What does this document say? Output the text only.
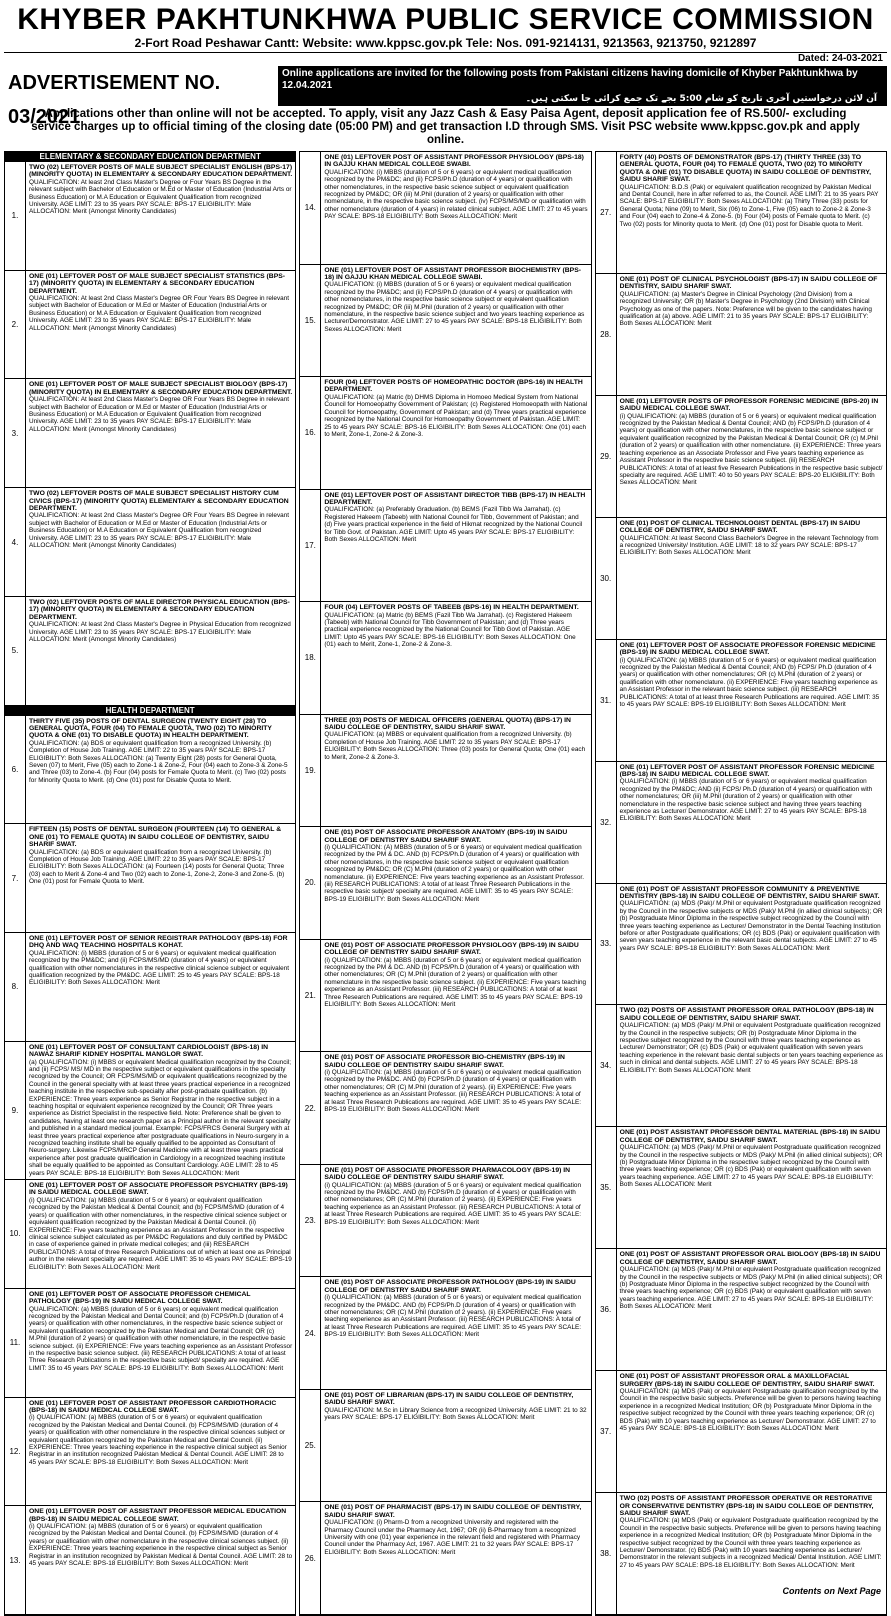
KHYBER PAKHTUNKHWA PUBLIC SERVICE COMMISSION
2-Fort Road Peshawar Cantt: Website: www.kppsc.gov.pk Tele: Nos. 091-9214131, 9213563, 9213750, 9212897
Dated: 24-03-2021
ADVERTISEMENT NO. 03/2021
Online applications are invited for the following posts from Pakistani citizens having domicile of Khyber Pakhtunkhwa by 12.04.2021
آن لائن درخواستیں آخری تاریخ کو شام 5:00 بجے تک جمع کرائی جا سکتی ہیں۔
Applications other than online will not be accepted. To apply, visit any Jazz Cash & Easy Paisa Agent, deposit application fee of RS.500/- excluding service charges up to official timing of the closing date (05:00 PM) and get transaction I.D through SMS. Visit PSC website www.kppsc.gov.pk and apply online.
ELEMENTARY & SECONDARY EDUCATION DEPARTMENT
1.
TWO (02) LEFTOVER POSTS OF MALE SUBJECT SPECIALIST ENGLISH (BPS-17) (MINORITY QUOTA) IN ELEMENTARY & SECONDARY EDUCATION DEPARTMENT.
QUALIFICATION: At least 2nd Class Master's Degree or Four Years BS Degree in the relevant subject with Bachelor of Education or M.Ed or Master of Education (Industrial Arts or Business Education) or M.A Education or Equivalent Qualification from recognized University. AGE LIMIT: 23 to 35 years PAY SCALE: BPS-17 ELIGIBILITY: Male ALLOCATION: Merit (Amongst Minority Candidates)
2.
ONE (01) LEFTOVER POST OF MALE SUBJECT SPECIALIST STATISTICS (BPS-17) (MINORITY QUOTA) IN ELEMENTARY & SECONDARY EDUCATION DEPARTMENT.
QUALIFICATION: At least 2nd Class Master's Degree OR Four Years BS Degree in relevant subject with Bachelor of Education or M.Ed or Master of Education (Industrial Arts or Business Education) or M.A Education or Equivalent Qualification from recognized University. AGE LIMIT: 23 to 35 years PAY SCALE: BPS-17 ELIGIBILITY: Male ALLOCATION: Merit (Amongst Minority Candidates)
3.
ONE (01) LEFTOVER POST OF MALE SUBJECT SPECIALIST BIOLOGY (BPS-17) (MINORITY QUOTA) IN ELEMENTARY & SECONDARY EDUCATION DEPARTMENT.
QUALIFICATION: At least 2nd Class Master's Degree OR Four Years BS Degree in relevant subject with Bachelor of Education or M.Ed or Master of Education (Industrial Arts or Business Education) or M.A Education or Equivalent Qualification from recognized University. AGE LIMIT: 23 to 35 years PAY SCALE: BPS-17 ELIGIBILITY: Male ALLOCATION: Merit (Amongst Minority Candidates)
4.
TWO (02) LEFTOVER POSTS OF MALE SUBJECT SPECIALIST HISTORY CUM CIVICS (BPS-17) (MINORITY QUOTA) ELEMENTARY & SECONDARY EDUCATION DEPARTMENT.
QUALIFICATION: At least 2nd Class Master's Degree OR Four Years BS Degree in relevant subject with Bachelor of Education or M.Ed or Master of Education (Industrial Arts or Business Education) or M.A Education or Equivalent Qualification from recognized University. AGE LIMIT: 23 to 35 years PAY SCALE: BPS-17 ELIGIBILITY: Male ALLOCATION: Merit (Amongst Minority Candidates)
5.
TWO (02) LEFTOVER POSTS OF MALE DIRECTOR PHYSICAL EDUCATION (BPS-17) (MINORITY QUOTA) IN ELEMENTARY & SECONDARY EDUCATION DEPARTMENT.
QUALIFICATION: At least 2nd Class Master's Degree in Physical Education from recognized University. AGE LIMIT: 23 to 35 years PAY SCALE: BPS-17 ELIGIBILITY: Male ALLOCATION: Merit (Amongst Minority Candidates)
HEALTH DEPARTMENT
6.
THIRTY FIVE (35) POSTS OF DENTAL SURGEON (TWENTY EIGHT (28) TO GENERAL QUOTA, FOUR (04) TO FEMALE QUOTA, TWO (02) TO MINORITY QUOTA & ONE (01) TO DISABLE QUOTA) IN HEALTH DEPARTMENT.
QUALIFICATION: (a) BDS or equivalent qualification from a recognized University. (b) Completion of House Job Training. AGE LIMIT: 22 to 35 years PAY SCALE: BPS-17 ELIGIBILITY: Both Sexes ALLOCATION: (a) Twenty Eight (28) posts for General Quota, Seven (07) to Merit, Five (05) each to Zone-1 & Zone-2, Four (04) each to Zone-3 & Zone-5 and Three (03) to Zone-4. (b) Four (04) posts for Female Quota to Merit. (c) Two (02) posts for Minority Quota to Merit. (d) One (01) post for Disable Quota to Merit.
7.
FIFTEEN (15) POSTS OF DENTAL SURGEON (FOURTEEN (14) TO GENERAL & ONE (01) TO FEMALE QUOTA) IN SAIDU COLLEGE OF DENTISTRY, SAIDU SHARIF SWAT.
QUALIFICATION: (a) BDS or equivalent qualification from a recognized University. (b) Completion of House Job Training. AGE LIMIT: 22 to 35 years PAY SCALE: BPS-17 ELIGIBILITY: Both Sexes ALLOCATION: (a) Fourteen (14) posts for General Quota; Three (03) each to Merit & Zone-4 and Two (02) each to Zone-1, Zone-2, Zone-3 and Zone-5. (b) One (01) post for Female Quota to Merit.
8.
ONE (01) LEFTOVER POST OF SENIOR REGISTRAR PATHOLOGY (BPS-18) FOR DHQ AND WAQ TEACHING HOSPITALS KOHAT.
QUALIFICATION: (i) MBBS (duration of 5 or 6 years) or equivalent medical qualification recognized by the PM&DC; and (ii) FCPS/MS/MD (duration of 4 years) or equivalent qualification with other nomenclatures in the respective clinical science subject or equivalent qualification recognized by the PM&DC. AGE LIMIT: 25 to 45 years PAY SCALE: BPS-18 ELIGIBILITY: Both Sexes ALLOCATION: Merit
9.
ONE (01) LEFTOVER POST OF CONSULTANT CARDIOLOGIST (BPS-18) IN NAWAZ SHARIF KIDNEY HOSPITAL MANGLOR SWAT.
(a) QUALIFICATION: (i) MBBS or equivalent Medical qualification recognized by the Council; and (ii) FCPS/ MS/ MD in the respective subject or equivalent qualifications in the specialty recognized by the Council; OR FCPS/MS/MD or equivalent qualifications recognized by the Council in the general specialty with at least three years practical experience in a recognized teaching institute in the respective sub-specialty after post-graduate qualification. (b) EXPERIENCE: Three years experience as Senior Registrar in the respective subject in a teaching hospital or equivalent experience recognized by the Council; OR Three years experience as District Specialist in the respective field. Note: Preference shall be given to candidates, having at least one research paper as a Principal author in the relevant specialty and published in a standard medical journal. Example: FCPS/FRCS General Surgery with at least three years practical experience after postgraduate qualifications in Neuro-surgery in a recognized teaching institute shall be equally qualified to be appointed as Consultant of Neuro-surgery. Likewise FCPS/MRCP General Medicine with at least three years practical experience after post graduate qualification in Cardiology in a recognized teaching institute shall be equally qualified to be appointed as Consultant Cardiology. AGE LIMIT: 28 to 45 years PAY SCALE: BPS-18 ELIGIBILITY: Both Sexes ALLOCATION: Merit
10.
ONE (01) LEFTOVER POST OF ASSOCIATE PROFESSOR PSYCHIATRY (BPS-19) IN SAIDU MEDICAL COLLEGE SWAT.
(i) QUALIFICATION: (a) MBBS (duration of 5 or 6 years) or equivalent qualification recognized by the Pakistan Medical & Dental Council; and (b) FCPS/MS/MD (duration of 4 years) or qualification with other nomenclatures, in the respective clinical science subject or equivalent qualification recognized by the Pakistan Medical & Dental Council. (ii) EXPERIENCE: Five years teaching experience as an Assistant Professor in the respective clinical science subject calculated as per PM&DC Regulations and duly certified by PM&DC in case of experience gained in private medical colleges; and (iii) RESEARCH PUBLICATIONS: A total of three Research Publications out of which at least one as Principal author in the relevant specialty are required. AGE LIMIT: 35 to 45 years PAY SCALE: BPS-19 ELIGIBILITY: Both Sexes ALLOCATION: Merit
11.
ONE (01) LEFTOVER POST OF ASSOCIATE PROFESSOR CHEMICAL PATHOLOGY (BPS-19) IN SAIDU MEDICAL COLLEGE SWAT.
QUALIFICATION: (a) MBBS (duration of 5 or 6 years) or equivalent medical qualification recognized by the Pakistan Medical and Dental Council; and (b) FCPS/Ph.D (duration of 4 years) or qualification with other nomenclatures, in the respective basic science subject or equivalent qualification recognized by the Pakistan Medical and Dental Council; OR (c) M.Phil (duration of 2 years) or qualification with other nomenclature, in the respective basic science subject. (ii) EXPERIENCE: Five years teaching experience as an Assistant Professor in the respective basic science subject. (iii) RESEARCH PUBLICATIONS: A total of at least Three Research Publications in the respective basic subject/ specialty are required. AGE LIMIT: 35 to 45 years PAY SCALE: BPS-19 ELIGIBILITY: Both Sexes ALLOCATION: Merit
12.
ONE (01) LEFTOVER POST OF ASSISTANT PROFESSOR CARDIOTHORACIC (BPS-18) IN SAIDU MEDICAL COLLEGE SWAT.
(i) QUALIFICATION: (a) MBBS (duration of 5 or 6 years) or equivalent qualification recognized by the Pakistan Medical and Dental Council. (b) FCPS/MS/MD (duration of 4 years) or qualification with other nomenclature in the respective clinical sciences subject or equivalent qualification recognized by the Pakistan Medical and Dental Council. (ii) EXPERIENCE: Three years teaching experience in the respective clinical subject as Senior Registrar in an institution recognized Pakistan Medical & Dental Council. AGE LIMIT: 28 to 45 years PAY SCALE: BPS-18 ELIGIBILITY: Both Sexes ALLOCATION: Merit
13.
ONE (01) LEFTOVER POST OF ASSISTANT PROFESSOR MEDICAL EDUCATION (BPS-18) IN SAIDU MEDICAL COLLEGE SWAT.
(i) QUALIFICATION: (a) MBBS (duration of 5 or 6 years) or equivalent qualification recognized by the Pakistan Medical and Dental Council. (b) FCPS/MS/MD (duration of 4 years) or qualification with other nomenclature in the respective clinical sciences subject. (ii) EXPERIENCE: Three years teaching experience in the respective clinical subject as Senior Registrar in an institution recognized by Pakistan Medical & Dental Council. AGE LIMIT: 28 to 45 years PAY SCALE: BPS-18 ELIGIBILITY: Both Sexes ALLOCATION: Merit
14.
ONE (01) LEFTOVER POST OF ASSISTANT PROFESSOR PHYSIOLOGY (BPS-18) IN GAJJU KHAN MEDICAL COLLEGE SWABI.
QUALIFICATION: (i) MBBS (duration of 5 or 6 years) or equivalent medical qualification recognized by the PM&DC; and (ii) FCPS/Ph.D (duration of 4 years) or qualification with other nomenclatures, in the respective basic science subject or equivalent qualification recognized by PM&DC; OR (iii) M.Phil (duration of 2 years) or qualification with other nomenclature, in the respective basic science subject. (iv) FCPS/MS/MD or qualification with other nomenclature (duration of 4 years) in related clinical subject. AGE LIMIT: 27 to 45 years PAY SCALE: BPS-18 ELIGIBILITY: Both Sexes ALLOCATION: Merit
15.
ONE (01) LEFTOVER POST OF ASSISTANT PROFESSOR BIOCHEMISTRY (BPS-18) IN GAJJU KHAN MEDICAL COLLEGE SWABI.
QUALIFICATION: (i) MBBS (duration of 5 or 6 years) or equivalent medical qualification recognized by the PM&DC; and (ii) FCPS/Ph.D (duration of 4 years) or qualification with other nomenclatures, in the respective basic science subject or equivalent qualification recognized by PM&DC; OR (iii) M.Phil (duration of 2 years) or qualification with other nomenclature, in the respective basic science subject and two years teaching experience as Lecturer/Demonstrator. AGE LIMIT: 27 to 45 years PAY SCALE: BPS-18 ELIGIBILITY: Both Sexes ALLOCATION: Merit
16.
FOUR (04) LEFTOVER POSTS OF HOMEOPATHIC DOCTOR (BPS-16) IN HEALTH DEPARTMENT.
QUALIFICATION: (a) Matric (b) DHMS Diploma in Homoeo Medical System from National Council for Homoeopathy Government of Pakistan; (c) Registered Homoeopath with National Council for Homoeopathy, Government of Pakistan; and (d) Three years practical experience recognized by the National Council for Homoeopathy Government of Pakistan. AGE LIMIT: 25 to 45 years PAY SCALE: BPS-16 ELIGIBILITY: Both Sexes ALLOCATION: One (01) each to Merit, Zone-1, Zone-2 & Zone-3.
17.
ONE (01) LEFTOVER POST OF ASSISTANT DIRECTOR TIBB (BPS-17) IN HEALTH DEPARTMENT.
QUALIFICATION: (a) Preferably Graduation. (b) BEMS (Fazil Tibb Wa Jarrahat). (c) Registered Hakeem (Tabeeb) with National Council for Tibb, Government of Pakistan; and (d) Five years practical experience in the field of Hikmat recognized by the National Council for Tibb Govt. of Pakistan. AGE LIMIT: Upto 45 years PAY SCALE: BPS-17 ELIGIBILITY: Both Sexes ALLOCATION: Merit
18.
FOUR (04) LEFTOVER POSTS OF TABEEB (BPS-16) IN HEALTH DEPARTMENT.
QUALIFICATION: (a) Matric (b) BEMS (Fazil Tibb Wa Jarrahat). (c) Registered Hakeem (Tabeeb) with National Council for Tibb Government of Pakistan; and (d) Three years practical experience recognized by the National Council for Tibb Govt of Pakistan. AGE LIMIT: Upto 45 years PAY SCALE: BPS-16 ELIGIBILITY: Both Sexes ALLOCATION: One (01) each to Merit, Zone-1, Zone-2 & Zone-3.
19.
THREE (03) POSTS OF MEDICAL OFFICERS (GENERAL QUOTA) (BPS-17) IN SAIDU COLLEGE OF DENTISTRY, SAIDU SHARIF SWAT.
QUALIFICATION: (a) MBBS or equivalent qualification from a recognized University. (b) Completion of House Job Training. AGE LIMIT: 22 to 35 years PAY SCALE: BPS-17 ELIGIBILITY: Both Sexes ALLOCATION: Three (03) posts for General Quota; One (01) each to Merit, Zone-2 & Zone-3.
20.
ONE (01) POST OF ASSOCIATE PROFESSOR ANATOMY (BPS-19) IN SAIDU COLLEGE OF DENTISTRY SAIDU SHARIF SWAT.
(i) QUALIFICATION: (A) MBBS (duration of 5 or 6 years) or equivalent medical qualification recognized by the PM & DC. AND (b) FCPS/Ph.D (duration of 4 years) or qualification with other nomenclatures, in the respective basic science subject or equivalent qualification recognized by PM&DC; OR (C) M.Phil (duration of 2 years) or qualification with other nomenclature. (ii) EXPERIENCE: Five years teaching experience as an Assistant Professor. (iii) RESEARCH PUBLICATIONS: A total of at least Three Research Publications in the respective basic subject/ specialty are required. AGE LIMIT: 35 to 45 years PAY SCALE: BPS-19 ELIGIBILITY: Both Sexes ALLOCATION: Merit
21.
ONE (01) POST OF ASSOCIATE PROFESSOR PHYSIOLOGY (BPS-19) IN SAIDU COLLEGE OF DENTISTRY SAIDU SHARIF SWAT.
(i) QUALIFICATION: (a) MBBS (duration of 5 or 6 years) or equivalent medical qualification recognized by the PM & DC. AND (b) FCPS/Ph.D (duration of 4 years) or qualification with other nomenclatures; OR (C) M.Phil (duration of 2 years) or qualification with other nomenclature in the respective basic science subject. (ii) EXPERIENCE: Five years teaching experience as an Assistant Professor. (iii) RESEARCH PUBLICATIONS: A total of at least Three Research Publications are required. AGE LIMIT: 35 to 45 years PAY SCALE: BPS-19 ELIGIBILITY: Both Sexes ALLOCATION: Merit
22.
ONE (01) POST OF ASSOCIATE PROFESSOR BIO-CHEMISTRY (BPS-19) IN SAIDU COLLEGE OF DENTISTRY SAIDU SHARIF SWAT.
(i) QUALIFICATION: (a) MBBS (duration of 5 or 6 years) or equivalent medical qualification recognized by the PM&DC. AND (b) FCPS/Ph.D (duration of 4 years) or qualification with other nomenclatures; OR (C) M.Phil (duration of 2 years). (ii) EXPERIENCE: Five years teaching experience as an Assistant Professor. (iii) RESEARCH PUBLICATIONS: A total of at least Three Research Publications are required. AGE LIMIT: 35 to 45 years PAY SCALE: BPS-19 ELIGIBILITY: Both Sexes ALLOCATION: Merit
23.
ONE (01) POST OF ASSOCIATE PROFESSOR PHARMACOLOGY (BPS-19) IN SAIDU COLLEGE OF DENTISTRY SAIDU SHARIF SWAT.
(i) QUALIFICATION: (a) MBBS (duration of 5 or 6 years) or equivalent medical qualification recognized by the PM&DC. AND (b) FCPS/Ph.D (duration of 4 years) or qualification with other nomenclatures; OR (C) M.Phil (duration of 2 years). (ii) EXPERIENCE: Five years teaching experience as an Assistant Professor. (iii) RESEARCH PUBLICATIONS: A total of at least Three Research Publications are required. AGE LIMIT: 35 to 45 years PAY SCALE: BPS-19 ELIGIBILITY: Both Sexes ALLOCATION: Merit
24.
ONE (01) POST OF ASSOCIATE PROFESSOR PATHOLOGY (BPS-19) IN SAIDU COLLEGE OF DENTISTRY SAIDU SHARIF SWAT.
(i) QUALIFICATION: (a) MBBS (duration of 5 or 6 years) or equivalent medical qualification recognized by the PM&DC. AND (b) FCPS/Ph.D (duration of 4 years) or qualification with other nomenclatures; OR (C) M.Phil (duration of 2 years). (ii) EXPERIENCE: Five years teaching experience as an Assistant Professor. (iii) RESEARCH PUBLICATIONS: A total of at least Three Research Publications are required. AGE LIMIT: 35 to 45 years PAY SCALE: BPS-19 ELIGIBILITY: Both Sexes ALLOCATION: Merit
25.
ONE (01) POST OF LIBRARIAN (BPS-17) IN SAIDU COLLEGE OF DENTISTRY, SAIDU SHARIF SWAT.
QUALIFICATION: M.Sc in Library Science from a recognized University. AGE LIMIT: 21 to 32 years PAY SCALE: BPS-17 ELIGIBILITY: Both Sexes ALLOCATION: Merit
26.
ONE (01) POST OF PHARMACIST (BPS-17) IN SAIDU COLLEGE OF DENTISTRY, SAIDU SHARIF SWAT.
QUALIFICATION: (i) Pharm-D from a recognized University and registered with the Pharmacy Council under the Pharmacy Act, 1967; OR (ii) B-Pharmacy from a recognized University with one (01) year experience in the relevant field and registered with Pharmacy Council under the Pharmacy Act, 1967. AGE LIMIT: 21 to 32 years PAY SCALE: BPS-17 ELIGIBILITY: Both Sexes ALLOCATION: Merit
27.
FORTY (40) POSTS OF DEMONSTRATOR (BPS-17) (THIRTY THREE (33) TO GENERAL QUOTA, FOUR (04) TO FEMALE QUOTA, TWO (02) TO MINORITY QUOTA & ONE (01) TO DISABLE QUOTA) IN SAIDU COLLEGE OF DENTISTRY, SAIDU SHARIF SWAT.
QUALIFICATION: B.D.S (Pak) or equivalent qualification recognized by Pakistan Medical and Dental Council, here in after referred to as, the Council. AGE LIMIT: 21 to 35 years PAY SCALE: BPS-17 ELIGIBILITY: Both Sexes ALLOCATION: (a) Thirty Three (33) posts for General Quota; Nine (09) to Merit, Six (06) to Zone-1, Five (05) each to Zone-2 & Zone-3 and Four (04) each to Zone-4 & Zone-5. (b) Four (04) posts of Female quota to Merit. (c) Two (02) posts for Minority quota to Merit. (d) One (01) post for Disable quota to Merit.
28.
ONE (01) POST OF CLINICAL PSYCHOLOGIST (BPS-17) IN SAIDU COLLEGE OF DENTISTRY, SAIDU SHARIF SWAT.
QUALIFICATION: (a) Master's Degree in Clinical Psychology (2nd Division) from a recognized University; OR (b) Master's Degree in Psychology (2nd Division) with Clinical Psychology as one of the papers. Note: Preference will be given to the candidates having qualification at (a) above. AGE LIMIT: 21 to 35 years PAY SCALE: BPS-17 ELIGIBILITY: Both Sexes ALLOCATION: Merit
29.
ONE (01) LEFTOVER POSTS OF PROFESSOR FORENSIC MEDICINE (BPS-20) IN SAIDU MEDICAL COLLEGE SWAT.
(i) QUALIFICATION: (a) MBBS (duration of 5 or 6 years) or equivalent medical qualification recognized by the Pakistan Medical & Dental Council; AND (b) FCPS/Ph.D (duration of 4 years) or qualification with other nomenclatures, in the respective basic science subject or equivalent qualification recognized by the Pakistan Medical & Dental Council; OR (c) M.Phil (duration of 2 years) or qualification with other nomenclature. (ii) EXPERIENCE: Three years teaching experience as an Associate Professor and Five years teaching experience as Assistant Professor in the respective basic science subject. (iii) RESEARCH PUBLICATIONS: A total of at least five Research Publications in the respective basic subject/ specialty are required. AGE LIMIT: 40 to 50 years PAY SCALE: BPS-20 ELIGIBILITY: Both Sexes ALLOCATION: Merit
30.
ONE (01) POST OF CLINICAL TECHNOLOGIST DENTAL (BPS-17) IN SAIDU COLLEGE OF DENTISTRY, SAIDU SHARIF SWAT.
QUALIFICATION: At least Second Class Bachelor's Degree in the relevant Technology from a recognized University/ Institution. AGE LIMIT: 18 to 32 years PAY SCALE: BPS-17 ELIGIBILITY: Both Sexes ALLOCATION: Merit
31.
ONE (01) LEFTOVER POST OF ASSOCIATE PROFESSOR FORENSIC MEDICINE (BPS-19) IN SAIDU MEDICAL COLLEGE SWAT.
(i) QUALIFICATION: (a) MBBS (duration of 5 or 6 years) or equivalent medical qualification recognized by the Pakistan Medical & Dental Council; AND (b) FCPS/ Ph.D (duration of 4 years) or qualification with other nomenclatures; OR (c) M.Phil (duration of 2 years) or qualification with other nomenclature. (ii) EXPERIENCE: Five years teaching experience as an Assistant Professor in the relevant basic science subject. (iii) RESEARCH PUBLICATIONS: A total of at least three Research Publications are required. AGE LIMIT: 35 to 45 years PAY SCALE: BPS-19 ELIGIBILITY: Both Sexes ALLOCATION: Merit
32.
ONE (01) LEFTOVER POST OF ASSISTANT PROFESSOR FORENSIC MEDICINE (BPS-18) IN SAIDU MEDICAL COLLEGE SWAT.
QUALIFICATION: (i) MBBS (duration of 5 or 6 years) or equivalent medical qualification recognized by the PM&DC; AND (ii) FCPS/ Ph.D (duration of 4 years) or qualification with other nomenclatures; OR (iii) M.Phil (duration of 2 years) or qualification with other nomenclature in the respective basic science subject and having three years teaching experience as Lecturer/ Demonstrator. AGE LIMIT: 27 to 45 years PAY SCALE: BPS-18 ELIGIBILITY: Both Sexes ALLOCATION: Merit
33.
ONE (01) POST OF ASSISTANT PROFESSOR COMMUNITY & PREVENTIVE DENTISTRY (BPS-18) IN SAIDU COLLEGE OF DENTISTRY, SAIDU SHARIF SWAT.
QUALIFICATION: (a) MDS (Pak)/ M.Phil or equivalent Postgraduate qualification recognized by the Council in the respective subjects or MDS (Pak)/ M.Phil (in allied clinical subjects); OR (b) Postgraduate Minor Diploma in the respective subject recognized by the Council with three years teaching experience as Lecturer/ Demonstrator in the Dental Teaching Institution before or after Postgraduate qualifications; OR (c) BDS (Pak) or equivalent qualification with seven years teaching experience in the relevant basic dental subjects. AGE LIMIT: 27 to 45 years PAY SCALE: BPS-18 ELIGIBILITY: Both Sexes ALLOCATION: Merit
34.
TWO (02) POSTS OF ASSISTANT PROFESSOR ORAL PATHOLOGY (BPS-18) IN SAIDU COLLEGE OF DENTISTRY, SAIDU SHARIF SWAT.
QUALIFICATION: (a) MDS (Pak)/ M.Phil or equivalent Postgraduate qualification recognized by the Council in the respective subjects; OR (b) Postgraduate Minor Diploma in the respective subject recognized by the Council with three years teaching experience as Lecturer/ Demonstrator; OR (c) BDS (Pak) or equivalent qualification with seven years teaching experience in the relevant basic dental subjects or ten years teaching experience as such in clinical and dental subjects. AGE LIMIT: 27 to 45 years PAY SCALE: BPS-18 ELIGIBILITY: Both Sexes ALLOCATION: Merit
35.
ONE (01) POST ASSISTANT PROFESSOR DENTAL MATERIAL (BPS-18) IN SAIDU COLLEGE OF DENTISTRY, SAIDU SHARIF SWAT.
QUALIFICATION: (a) MDS (Pak)/ M.Phil or equivalent Postgraduate qualification recognized by the Council in the respective subjects or MDS (Pak)/ M.Phil (in allied clinical subjects); OR (b) Postgraduate Minor Diploma in the respective subject recognized by the Council with three years teaching experience; OR (c) BDS (Pak) or equivalent qualification with seven years teaching experience. AGE LIMIT: 27 to 45 years PAY SCALE: BPS-18 ELIGIBILITY: Both Sexes ALLOCATION: Merit
36.
ONE (01) POST OF ASSISTANT PROFESSOR ORAL BIOLOGY (BPS-18) IN SAIDU COLLEGE OF DENTISTRY, SAIDU SHARIF SWAT.
QUALIFICATION: (a) MDS (Pak)/ M.Phil or equivalent Postgraduate qualification recognized by the Council in the respective subjects or MDS (Pak)/ M.Phil (in allied clinical subjects); OR (b) Postgraduate Minor Diploma in the respective subject recognized by the Council with three years teaching experience; OR (c) BDS (Pak) or equivalent qualification with seven years teaching experience. AGE LIMIT: 27 to 45 years PAY SCALE: BPS-18 ELIGIBILITY: Both Sexes ALLOCATION: Merit
37.
ONE (01) POST OF ASSISTANT PROFESSOR ORAL & MAXILLOFACIAL SURGERY (BPS-18) IN SAIDU COLLEGE OF DENTISTRY, SAIDU SHARIF SWAT.
QUALIFICATION: (a) MDS (Pak) or equivalent Postgraduate qualification recognized by the Council in the respective basic subjects. Preference will be given to persons having teaching experience in a recognized Medical Institution; OR (b) Postgraduate Minor Diploma in the respective subject recognized by the Council with three years teaching experience; OR (c) BDS (Pak) with 10 years teaching experience as Lecturer/ Demonstrator. AGE LIMIT: 27 to 45 years PAY SCALE: BPS-18 ELIGIBILITY: Both Sexes ALLOCATION: Merit
38.
TWO (02) POSTS OF ASSISTANT PROFESSOR OPERATIVE OR RESTORATIVE OR CONSERVATIVE DENTISTRY (BPS-18) IN SAIDU COLLEGE OF DENTISTRY, SAIDU SHARIF SWAT.
QUALIFICATION: (a) MDS (Pak) or equivalent Postgraduate qualification recognized by the Council in the respective basic subjects. Preference will be given to persons having teaching experience in a recognized Medical Institution; OR (b) Postgraduate Minor Diploma in the respective subject recognized by the Council with three years teaching experience as Lecturer/ Demonstrator. (c) BDS (Pak) with 10 years teaching experience as Lecturer/ Demonstrator in the relevant subjects in a recognized Medical/ Dental Institution. AGE LIMIT: 27 to 45 years PAY SCALE: BPS-18 ELIGIBILITY: Both Sexes ALLOCATION: Merit
Contents on Next Page
